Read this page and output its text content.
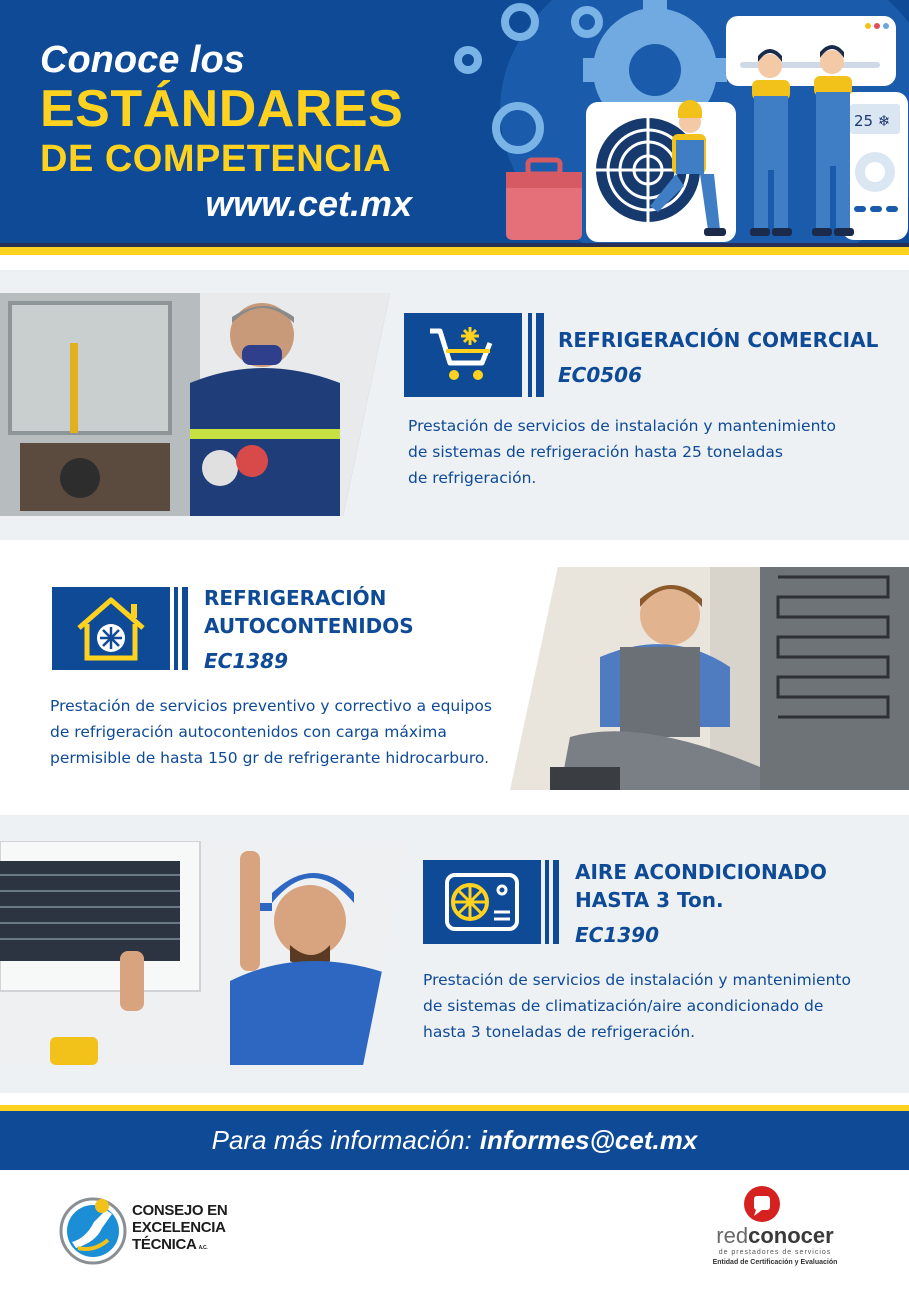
Conoce los
ESTÁNDARES
DE COMPETENCIA
www.cet.mx
25 ❄
REFRIGERACIÓN COMERCIAL
EC0506
Prestación de servicios de instalación y mantenimiento
de sistemas de refrigeración hasta 25 toneladas
de refrigeración.
REFRIGERACIÓN
AUTOCONTENIDOS
EC1389
Prestación de servicios preventivo y correctivo a equipos
de refrigeración autocontenidos con carga máxima
permisible de hasta 150 gr de refrigerante hidrocarburo.
AIRE ACONDICIONADO
HASTA 3 Ton.
EC1390
Prestación de servicios de instalación y mantenimiento
de sistemas de climatización/aire acondicionado de
hasta 3 toneladas de refrigeración.
Para más información: informes@cet.mx
CONSEJO EN
EXCELENCIA
TÉCNICA A.C.	redconocer
de prestadores de servicios
Entidad de Certificación y Evaluación
